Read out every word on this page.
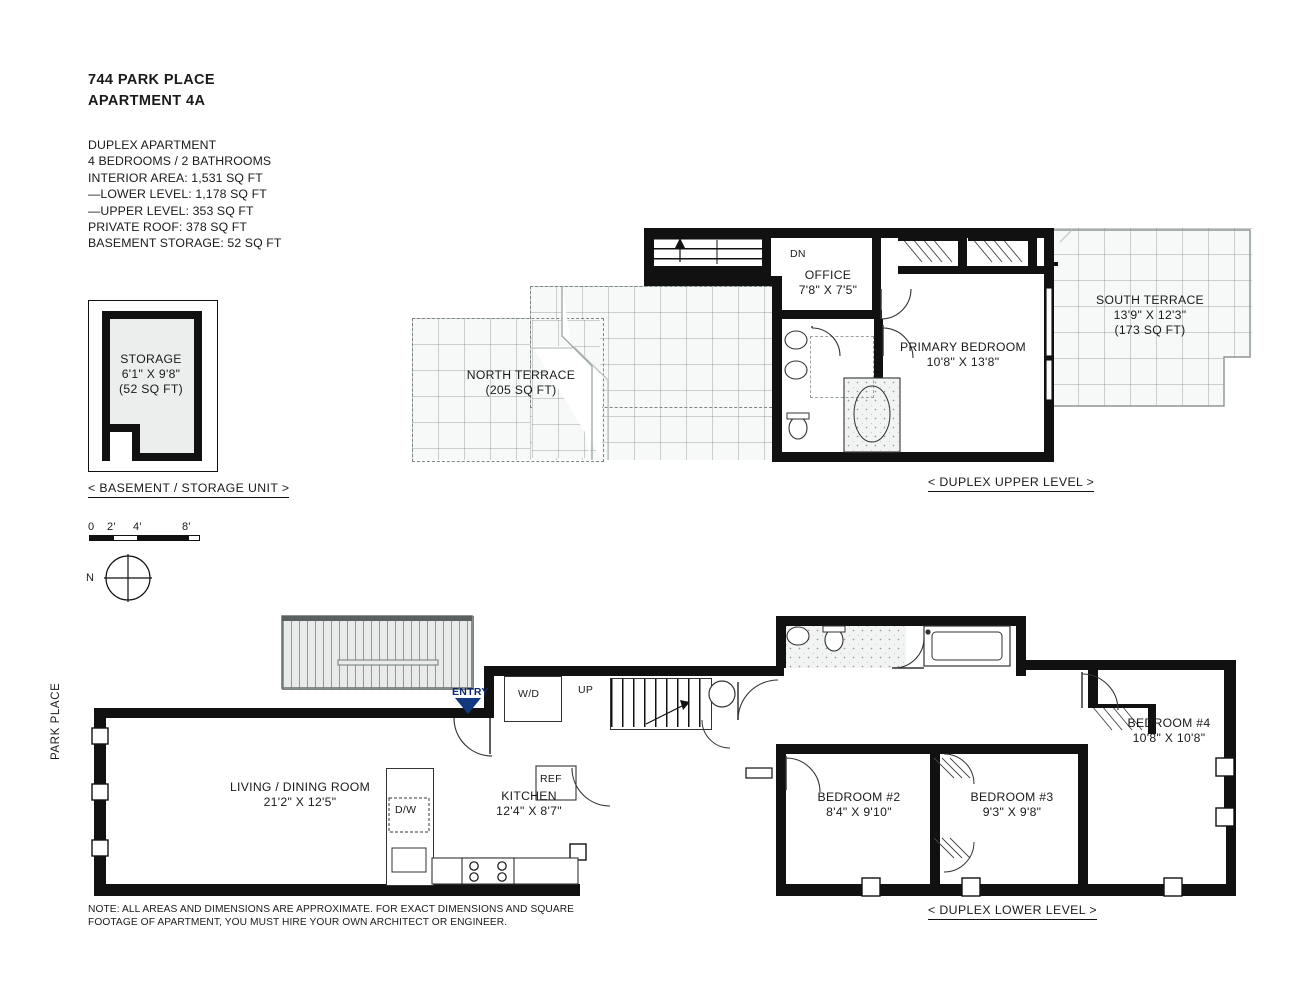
744 PARK PLACE
APARTMENT 4A
DUPLEX APARTMENT
4 BEDROOMS / 2 BATHROOMS
INTERIOR AREA: 1,531 SQ FT
—LOWER LEVEL: 1,178 SQ FT
—UPPER LEVEL: 353 SQ FT
PRIVATE ROOF: 378 SQ FT
BASEMENT STORAGE: 52 SQ FT
STORAGE
6'1" X 9'8"
(52 SQ FT)
< BASEMENT / STORAGE UNIT >
0 2' 4'	8'
N
DN
OFFICE
7'8" X 7'5"
PRIMARY BEDROOM
10'8" X 13'8"
NORTH TERRACE
(205 SQ FT)
SOUTH TERRACE
13'9" X 12'3"
(173 SQ FT)
< DUPLEX UPPER LEVEL >
ENTRY	W/D	UP
D/W
REF
LIVING / DINING ROOM
21'2" X 12'5"	KITCHEN
12'4" X 8'7"
BEDROOM #2
8'4" X 9'10"
BEDROOM #3
9'3" X 9'8"
BEDROOM #4
10'8" X 10'8"
PARK PLACE
< DUPLEX LOWER LEVEL >
NOTE: ALL AREAS AND DIMENSIONS ARE APPROXIMATE. FOR EXACT DIMENSIONS AND SQUARE
FOOTAGE OF APARTMENT, YOU MUST HIRE YOUR OWN ARCHITECT OR ENGINEER.
